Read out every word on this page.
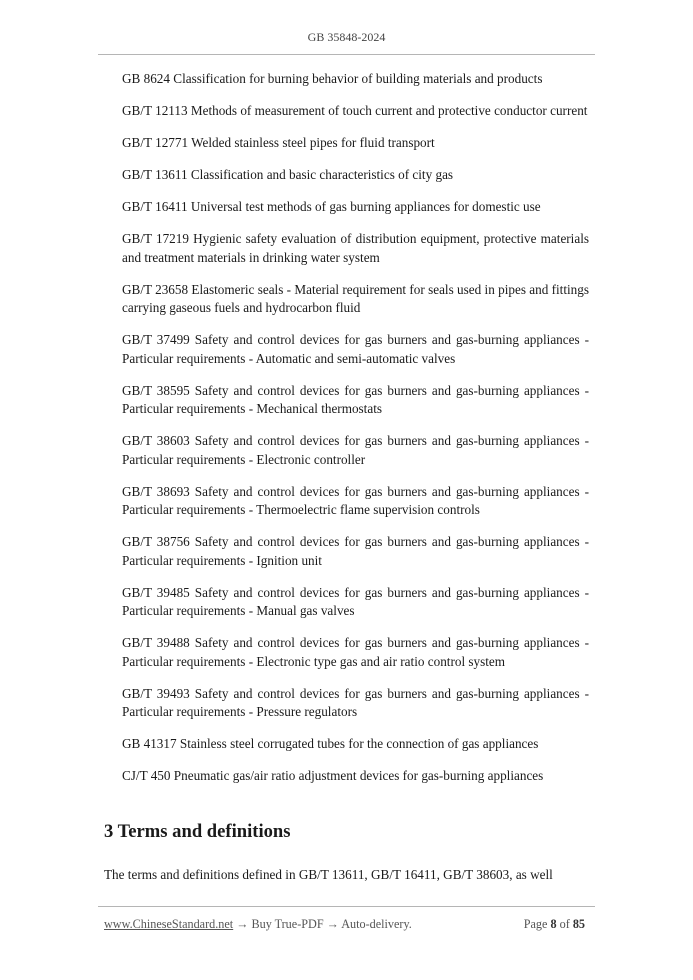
GB 35848-2024

GB 8624 Classification for burning behavior of building materials and products

GB/T 12113 Methods of measurement of touch current and protective conductor current

GB/T 12771 Welded stainless steel pipes for fluid transport

GB/T 13611 Classification and basic characteristics of city gas

GB/T 16411 Universal test methods of gas burning appliances for domestic use

GB/T 17219 Hygienic safety evaluation of distribution equipment, protective materials and treatment materials in drinking water system

GB/T 23658 Elastomeric seals - Material requirement for seals used in pipes and fittings carrying gaseous fuels and hydrocarbon fluid

GB/T 37499 Safety and control devices for gas burners and gas-burning appliances - Particular requirements - Automatic and semi-automatic valves

GB/T 38595 Safety and control devices for gas burners and gas-burning appliances - Particular requirements - Mechanical thermostats

GB/T 38603 Safety and control devices for gas burners and gas-burning appliances - Particular requirements - Electronic controller

GB/T 38693 Safety and control devices for gas burners and gas-burning appliances - Particular requirements - Thermoelectric flame supervision controls

GB/T 38756 Safety and control devices for gas burners and gas-burning appliances - Particular requirements - Ignition unit

GB/T 39485 Safety and control devices for gas burners and gas-burning appliances - Particular requirements - Manual gas valves

GB/T 39488 Safety and control devices for gas burners and gas-burning appliances - Particular requirements - Electronic type gas and air ratio control system

GB/T 39493 Safety and control devices for gas burners and gas-burning appliances - Particular requirements - Pressure regulators

GB 41317 Stainless steel corrugated tubes for the connection of gas appliances

CJ/T 450 Pneumatic gas/air ratio adjustment devices for gas-burning appliances

3 Terms and definitions
The terms and definitions defined in GB/T 13611, GB/T 16411, GB/T 38603, as well
www.ChineseStandard.net → Buy True-PDF → Auto-delivery.	Page 8 of 85
